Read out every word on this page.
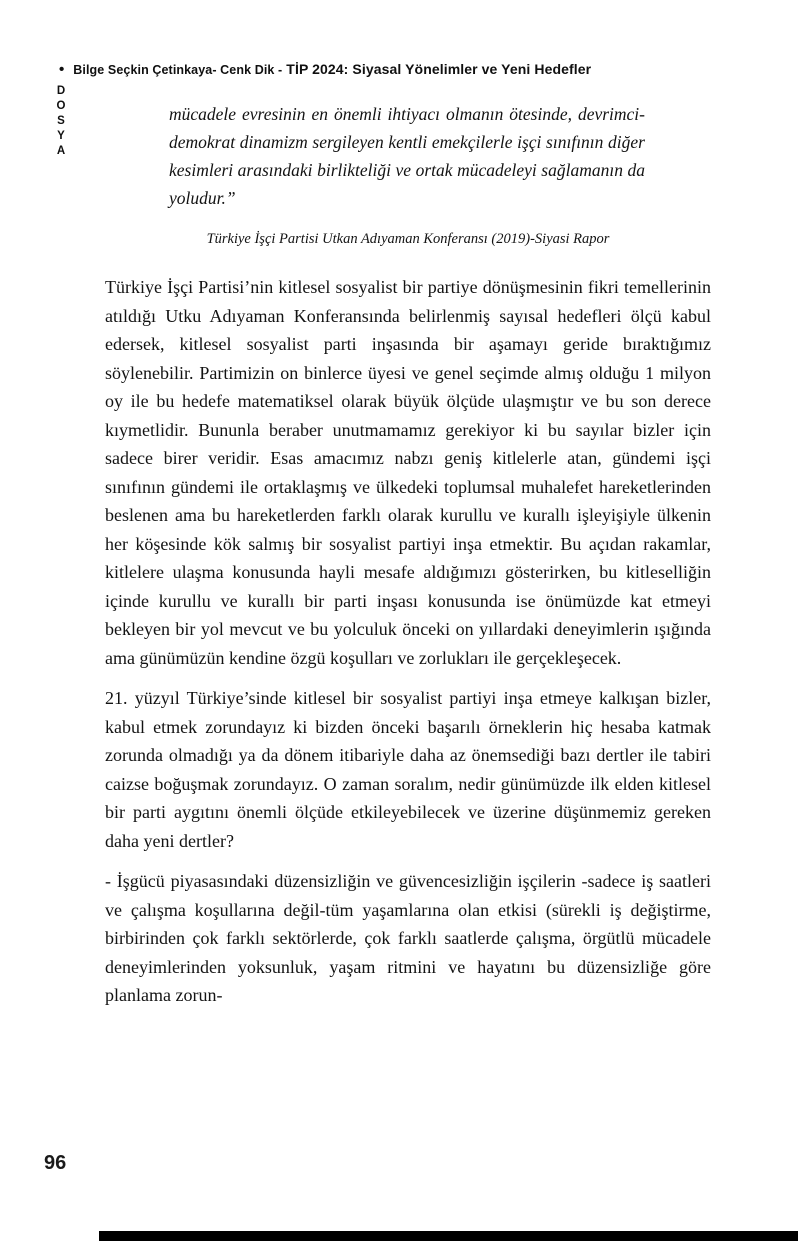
• Bilge Seçkin Çetinkaya- Cenk Dik - TİP 2024: Siyasal Yönelimler ve Yeni Hedefler
DOSYA	mücadele evresinin en önemli ihtiyacı olmanın ötesinde, devrimci-demokrat dinamizm sergileyen kentli emekçilerle işçi sınıfının diğer kesimleri arasındaki birlikteliği ve ortak mücadeleyi sağlamanın da yoludur.”

Türkiye İşçi Partisi Utkan Adıyaman Konferansı (2019)-Siyasi Rapor

Türkiye İşçi Partisi’nin kitlesel sosyalist bir partiye dönüşmesinin fikri temellerinin atıldığı Utku Adıyaman Konferansında belirlenmiş sayısal hedefleri ölçü kabul edersek, kitlesel sosyalist parti inşasında bir aşamayı geride bıraktığımız söylenebilir. Partimizin on binlerce üyesi ve genel seçimde almış olduğu 1 milyon oy ile bu hedefe matematiksel olarak büyük ölçüde ulaşmıştır ve bu son derece kıymetlidir. Bununla beraber unutmamamız gerekiyor ki bu sayılar bizler için sadece birer veridir. Esas amacımız nabzı geniş kitlelerle atan, gündemi işçi sınıfının gündemi ile ortaklaşmış ve ülkedeki toplumsal muhalefet hareketlerinden beslenen ama bu hareketlerden farklı olarak kurullu ve kurallı işleyişiyle ülkenin her köşesinde kök salmış bir sosyalist partiyi inşa etmektir. Bu açıdan rakamlar, kitlelere ulaşma konusunda hayli mesafe aldığımızı gösterirken, bu kitleselliğin içinde kurullu ve kurallı bir parti inşası konusunda ise önümüzde kat etmeyi bekleyen bir yol mevcut ve bu yolculuk önceki on yıllardaki deneyimlerin ışığında ama günümüzün kendine özgü koşulları ve zorlukları ile gerçekleşecek.

21. yüzyıl Türkiye’sinde kitlesel bir sosyalist partiyi inşa etmeye kalkışan bizler, kabul etmek zorundayız ki bizden önceki başarılı örneklerin hiç hesaba katmak zorunda olmadığı ya da dönem itibariyle daha az önemsediği bazı dertler ile tabiri caizse boğuşmak zorundayız. O zaman soralım, nedir günümüzde ilk elden kitlesel bir parti aygıtını önemli ölçüde etkileyebilecek ve üzerine düşünmemiz gereken daha yeni dertler?

- İşgücü piyasasındaki düzensizliğin ve güvencesizliğin işçilerin -sadece iş saatleri ve çalışma koşullarına değil-tüm yaşamlarına olan etkisi (sürekli iş değiştirme, birbirinden çok farklı sektörlerde, çok farklı saatlerde çalışma, örgütlü mücadele deneyimlerinden yoksunluk, yaşam ritmini ve hayatını bu düzensizliğe göre planlama zorun-

96
